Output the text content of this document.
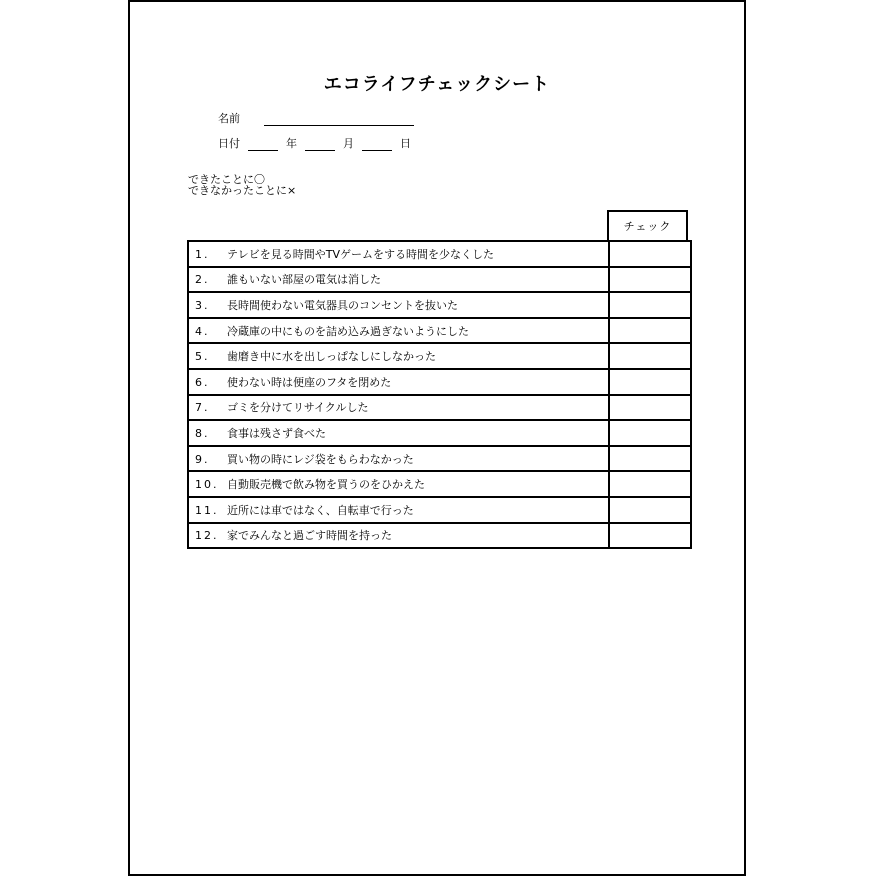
エコライフチェックシート
名前
日付	年	月	日
できたことに〇
できなかったことに×
チェック
1. テレビを見る時間やTVゲームをする時間を少なくした	
2. 誰もいない部屋の電気は消した	
3. 長時間使わない電気器具のコンセントを抜いた	
4. 冷蔵庫の中にものを詰め込み過ぎないようにした	
5. 歯磨き中に水を出しっぱなしにしなかった	
6. 使わない時は便座のフタを閉めた	
7. ゴミを分けてリサイクルした	
8. 食事は残さず食べた	
9. 買い物の時にレジ袋をもらわなかった	
10. 自動販売機で飲み物を買うのをひかえた	
11. 近所には車ではなく、自転車で行った	
12. 家でみんなと過ごす時間を持った	
